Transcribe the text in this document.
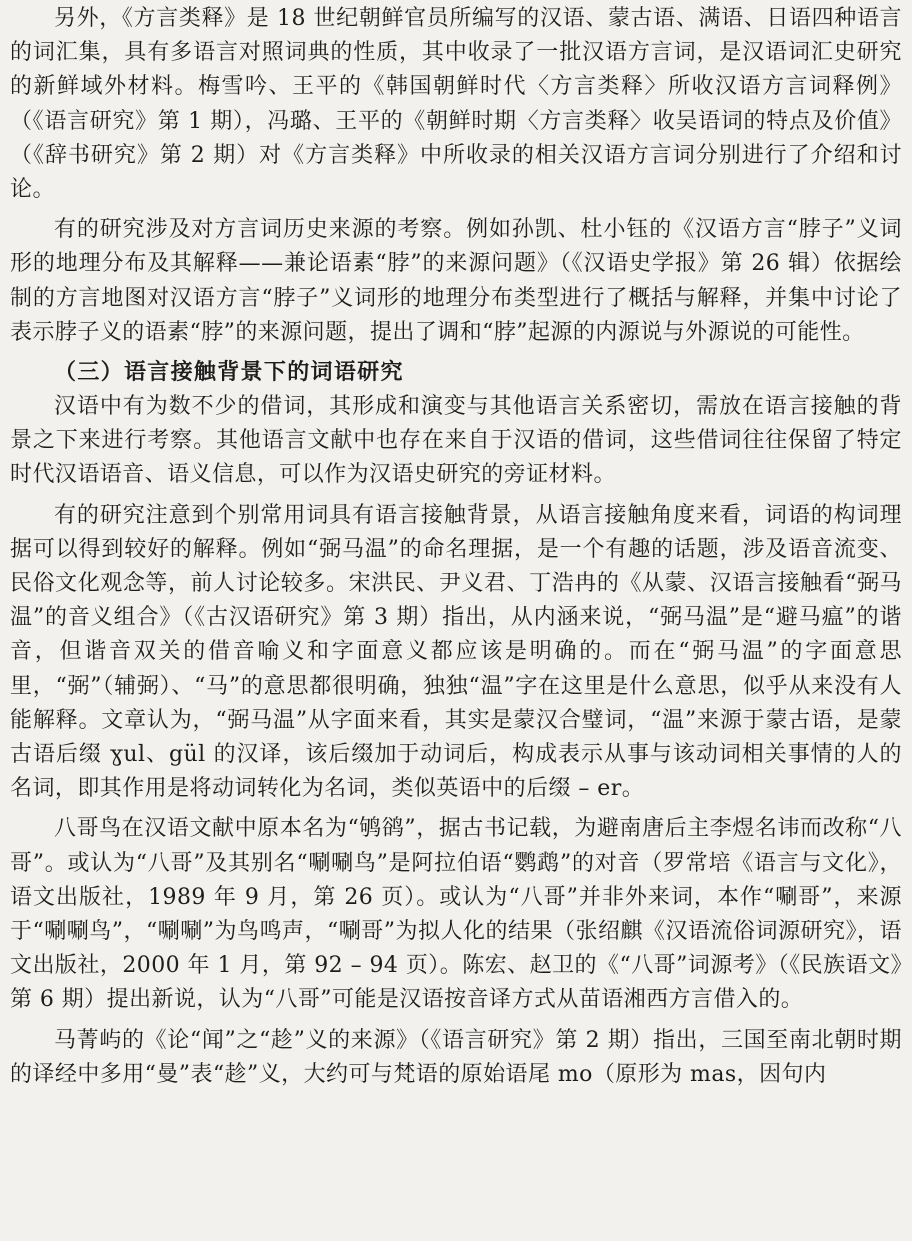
另外，《方言类释》是 18 世纪朝鲜官员所编写的汉语、蒙古语、满语、日语四种语言的词汇集，具有多语言对照词典的性质，其中收录了一批汉语方言词，是汉语词汇史研究的新鲜域外材料。梅雪吟、王平的《韩国朝鲜时代〈方言类释〉所收汉语方言词释例》（《语言研究》第 1 期），冯璐、王平的《朝鲜时期〈方言类释〉收吴语词的特点及价值》（《辞书研究》第 2 期）对《方言类释》中所收录的相关汉语方言词分别进行了介绍和讨论。

有的研究涉及对方言词历史来源的考察。例如孙凯、杜小钰的《汉语方言“脖子”义词形的地理分布及其解释——兼论语素“脖”的来源问题》（《汉语史学报》第 26 辑）依据绘制的方言地图对汉语方言“脖子”义词形的地理分布类型进行了概括与解释，并集中讨论了表示脖子义的语素“脖”的来源问题，提出了调和“脖”起源的内源说与外源说的可能性。

（三）语言接触背景下的词语研究

汉语中有为数不少的借词，其形成和演变与其他语言关系密切，需放在语言接触的背景之下来进行考察。其他语言文献中也存在来自于汉语的借词，这些借词往往保留了特定时代汉语语音、语义信息，可以作为汉语史研究的旁证材料。

有的研究注意到个别常用词具有语言接触背景，从语言接触角度来看，词语的构词理据可以得到较好的解释。例如“弼马温”的命名理据，是一个有趣的话题，涉及语音流变、民俗文化观念等，前人讨论较多。宋洪民、尹义君、丁浩冉的《从蒙、汉语言接触看“弼马温”的音义组合》（《古汉语研究》第 3 期）指出，从内涵来说，“弼马温”是“避马瘟”的谐音，但谐音双关的借音喻义和字面意义都应该是明确的。而在“弼马温”的字面意思里，“弼”（辅弼）、“马”的意思都很明确，独独“温”字在这里是什么意思，似乎从来没有人能解释。文章认为，“弼马温”从字面来看，其实是蒙汉合璧词，“温”来源于蒙古语，是蒙古语后缀 ɣul、gül 的汉译，该后缀加于动词后，构成表示从事与该动词相关事情的人的名词，即其作用是将动词转化为名词，类似英语中的后缀 – er。

八哥鸟在汉语文献中原本名为“鸲鹆”，据古书记载，为避南唐后主李煜名讳而改称“八哥”。或认为“八哥”及其别名“唰唰鸟”是阿拉伯语“鹦鹉”的对音（罗常培《语言与文化》，语文出版社，1989 年 9 月，第 26 页）。或认为“八哥”并非外来词，本作“唰哥”，来源于“唰唰鸟”，“唰唰”为鸟鸣声，“唰哥”为拟人化的结果（张绍麒《汉语流俗词源研究》，语文出版社，2000 年 1 月，第 92 – 94 页）。陈宏、赵卫的《“八哥”词源考》（《民族语文》第 6 期）提出新说，认为“八哥”可能是汉语按音译方式从苗语湘西方言借入的。

马菁屿的《论“闻”之“趁”义的来源》（《语言研究》第 2 期）指出，三国至南北朝时期的译经中多用“曼”表“趁”义，大约可与梵语的原始语尾 mo（原形为 mas，因句内
